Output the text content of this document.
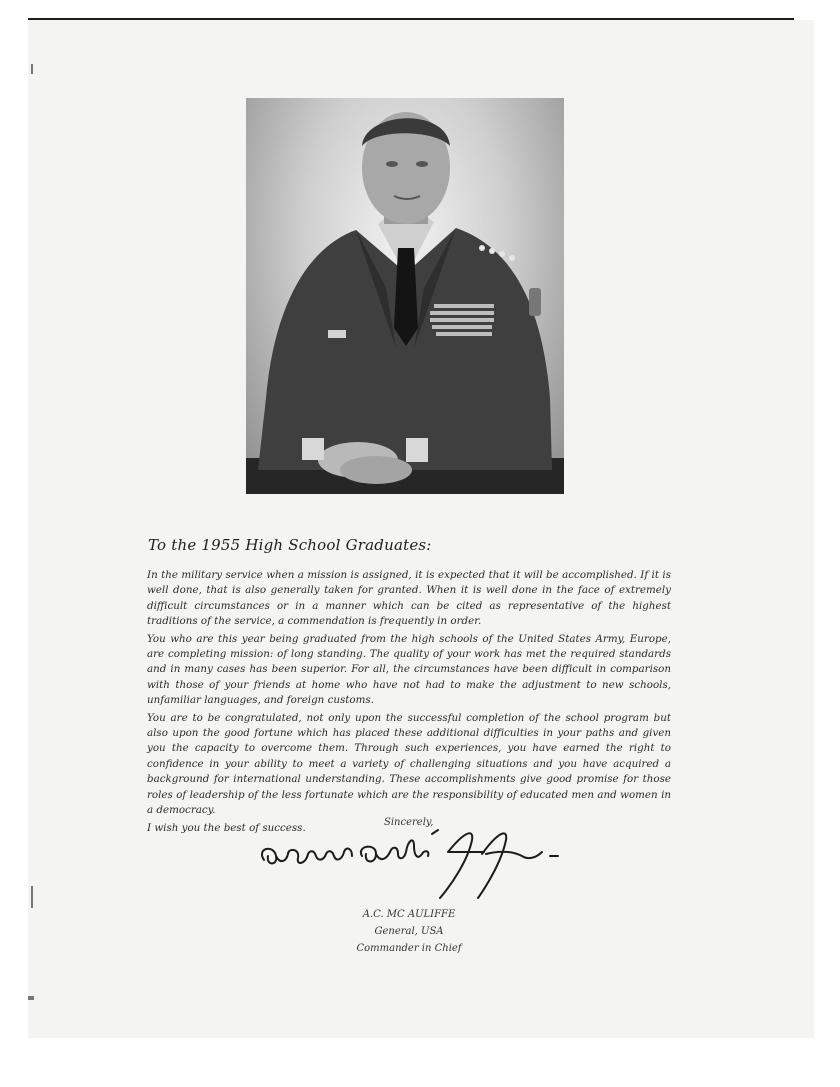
To the 1955 High School Graduates:

In the military service when a mission is assigned, it is expected that it will be accomplished. If it is well done, that is also generally taken for granted. When it is well done in the face of extremely difficult circumstances or in a manner which can be cited as representative of the highest traditions of the service, a commendation is frequently in order.

You who are this year being graduated from the high schools of the United States Army, Europe, are completing mission: of long standing. The quality of your work has met the required standards and in many cases has been superior. For all, the circumstances have been difficult in comparison with those of your friends at home who have not had to make the adjustment to new schools, unfamiliar languages, and foreign customs.

You are to be congratulated, not only upon the successful completion of the school program but also upon the good fortune which has placed these additional difficulties in your paths and given you the capacity to overcome them. Through such experiences, you have earned the right to confidence in your ability to meet a variety of challenging situations and you have acquired a background for international understanding. These accomplishments give good promise for those roles of leadership of the less fortunate which are the responsibility of educated men and women in a democracy.

I wish you the best of success.	Sincerely,
A.C. MC AULIFFE
General, USA
Commander in Chief
